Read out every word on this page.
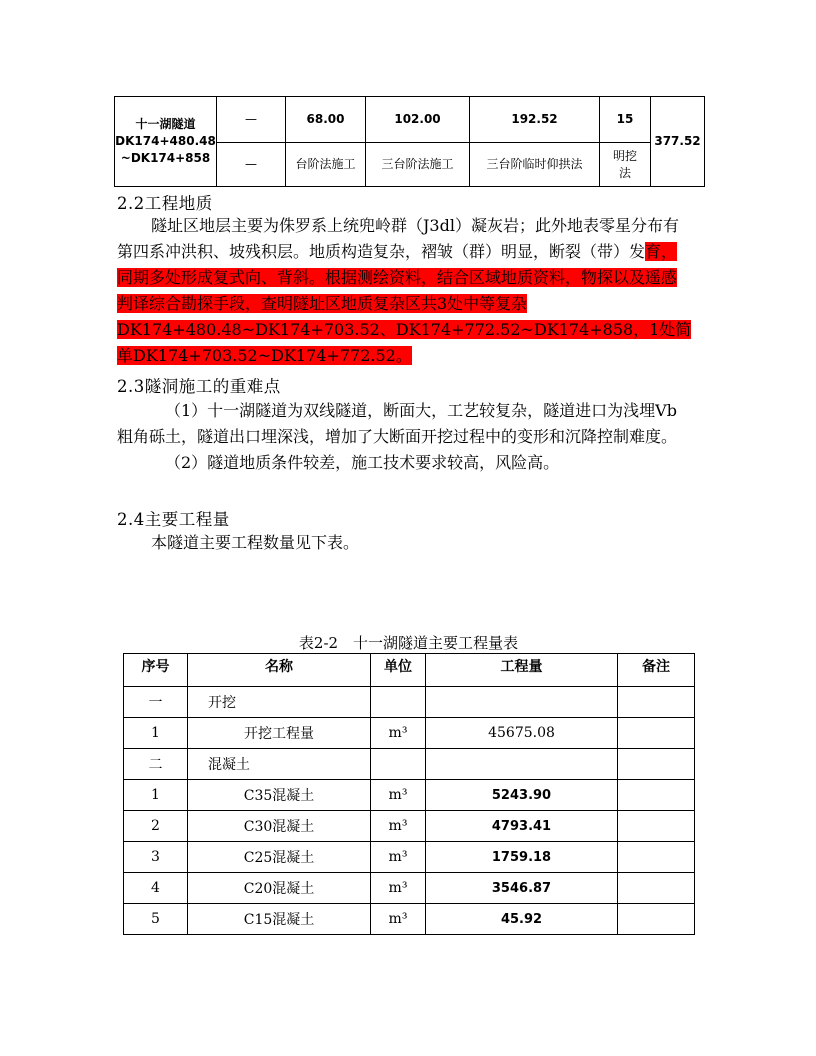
十一湖隧道
DK174+480.48
~DK174+858	—	68.00	102.00	192.52	15	377.52
	—	台阶法施工	三台阶法施工	三台阶临时仰拱法	明挖法	
2.2工程地质

隧址区地层主要为侏罗系上统兜岭群（J3dl）凝灰岩；此外地表零星分布有第四系冲洪积、坡残积层。地质构造复杂，褶皱（群）明显，断裂（带）发育，同期多处形成复式向、背斜。根据测绘资料，结合区域地质资料，物探以及遥感判译综合勘探手段，查明隧址区地质复杂区共3处中等复杂DK174+480.48~DK174+703.52、DK174+772.52~DK174+858，1处简单DK174+703.52~DK174+772.52。

2.3隧洞施工的重难点

（1）十一湖隧道为双线隧道，断面大，工艺较复杂，隧道进口为浅埋Ⅴb粗角砾土，隧道出口埋深浅，增加了大断面开挖过程中的变形和沉降控制难度。

（2）隧道地质条件较差，施工技术要求较高，风险高。

2.4主要工程量

本隧道主要工程数量见下表。

表2-2　十一湖隧道主要工程量表
序号	名称	单位	工程量	备注
一	开挖			
1	开挖工程量	m³	45675.08	
二	混凝土			
1	C35混凝土	m³	5243.90	
2	C30混凝土	m³	4793.41	
3	C25混凝土	m³	1759.18	
4	C20混凝土	m³	3546.87	
5	C15混凝土	m³	45.92	
